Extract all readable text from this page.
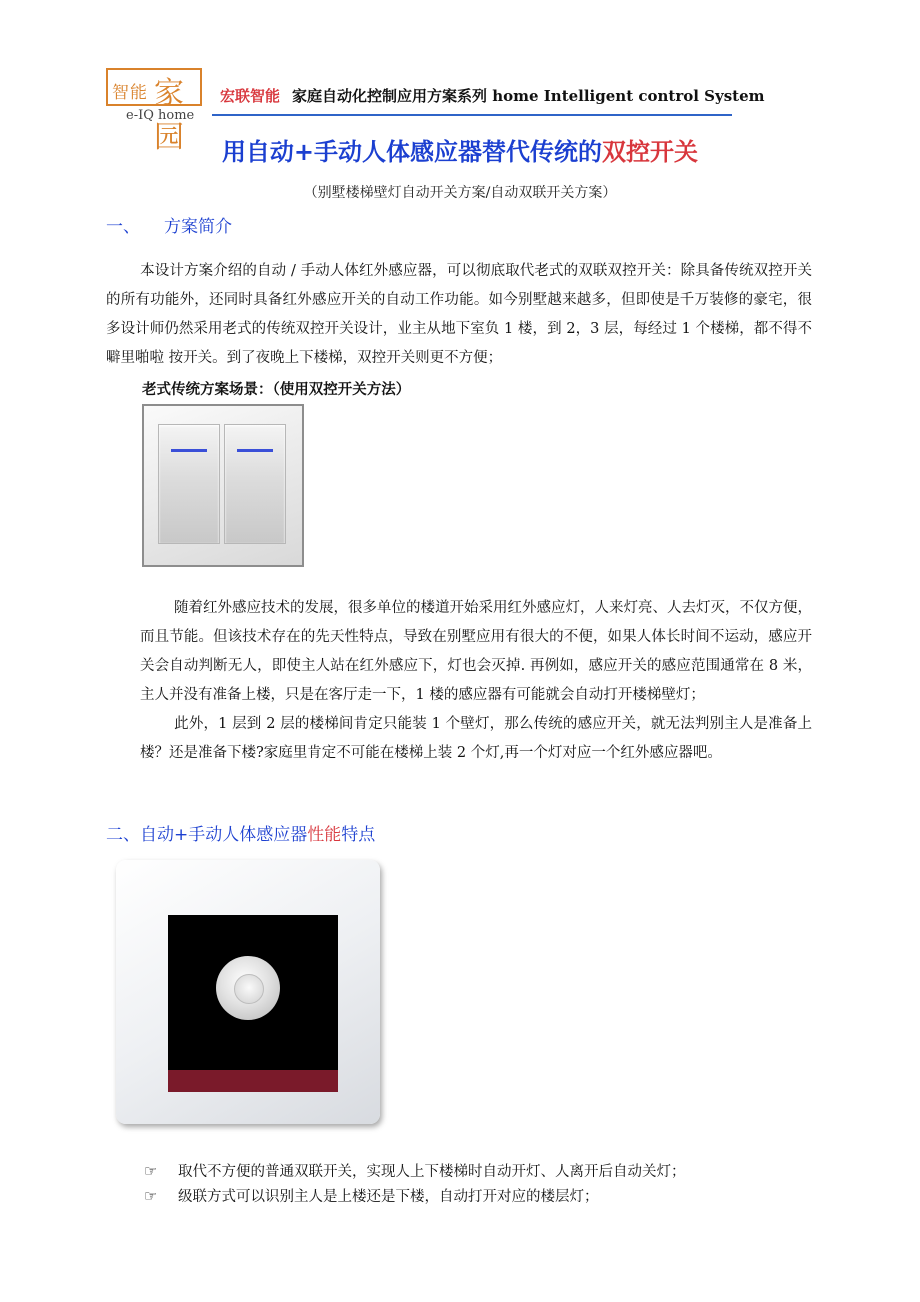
智能 家园
e-IQ home
宏联智能 家庭自动化控制应用方案系列 home Intelligent control System
用自动+手动人体感应器替代传统的双控开关
（别墅楼梯壁灯自动开关方案/自动双联开关方案）
一、 方案简介
本设计方案介绍的自动 / 手动人体红外感应器，可以彻底取代老式的双联双控开关：除具备传统双控开关的所有功能外，还同时具备红外感应开关的自动工作功能。如今别墅越来越多，但即使是千万装修的豪宅，很多设计师仍然采用老式的传统双控开关设计，业主从地下室负 1 楼，到 2，3 层，每经过 1 个楼梯，都不得不噼里啪啦 按开关。到了夜晚上下楼梯，双控开关则更不方便；
老式传统方案场景：（使用双控开关方法）
随着红外感应技术的发展，很多单位的楼道开始采用红外感应灯，人来灯亮、人去灯灭，不仅方便，而且节能。但该技术存在的先天性特点，导致在别墅应用有很大的不便，如果人体长时间不运动，感应开关会自动判断无人，即使主人站在红外感应下，灯也会灭掉. 再例如，感应开关的感应范围通常在 8 米，主人并没有准备上楼，只是在客厅走一下，1 楼的感应器有可能就会自动打开楼梯壁灯；
此外，1 层到 2 层的楼梯间肯定只能装 1 个壁灯，那么传统的感应开关，就无法判别主人是准备上楼？还是准备下楼?家庭里肯定不可能在楼梯上装 2 个灯,再一个灯对应一个红外感应器吧。
二、自动+手动人体感应器性能特点
☞ 取代不方便的普通双联开关，实现人上下楼梯时自动开灯、人离开后自动关灯；
☞ 级联方式可以识别主人是上楼还是下楼，自动打开对应的楼层灯；
